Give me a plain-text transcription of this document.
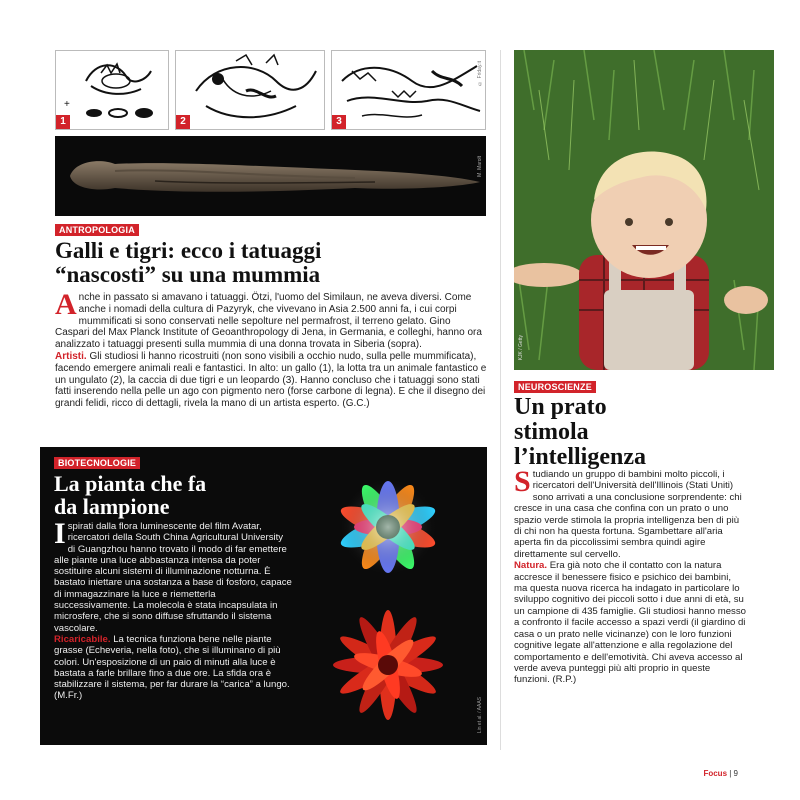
+
1	2	3
© Friday.it
M. Marolt
ANTROPOLOGIA
Galli e tigri: ecco i tatuaggi
“nascosti” su una mummia

Anche in passato si amavano i tatuaggi. Ötzi, l'uomo del Similaun, ne aveva diversi. Come anche i nomadi della cultura di Pazyryk, che vivevano in Asia 2.500 anni fa, i cui corpi mummificati si sono conservati nelle sepolture nel permafrost, il terreno gelato. Gino Caspari del Max Planck Institute of Geoanthropology di Jena, in Germania, e colleghi, hanno ora analizzato i tatuaggi presenti sulla mummia di una donna trovata in Siberia (sopra).

Artisti. Gli studiosi li hanno ricostruiti (non sono visibili a occhio nudo, sulla pelle mummificata), facendo emergere animali reali e fantastici. In alto: un gallo (1), la lotta tra un animale fantastico e un ungulato (2), la caccia di due tigri e un leopardo (3). Hanno concluso che i tatuaggi sono stati fatti inserendo nella pelle un ago con pigmento nero (forse carbone di legna). E che il disegno dei grandi felidi, ricco di dettagli, rivela la mano di un artista esperto. (G.C.)

BIOTECNOLOGIE
La pianta che fa
da lampione

Ispirati dalla flora luminescente del film Avatar, ricercatori della South China Agricultural University di Guangzhou hanno trovato il modo di far emettere alle piante una luce abbastanza intensa da poter sostituire alcuni sistemi di illuminazione notturna. È bastato iniettare una sostanza a base di fosforo, capace di immagazzinare la luce e riemetterla successivamente. La molecola è stata incapsulata in microsfere, che si sono diffuse sfruttando il sistema vascolare.

Ricaricabile. La tecnica funziona bene nelle piante grasse (Echeveria, nella foto), che si illuminano di più colori. Un'esposizione di un paio di minuti alla luce è bastata a farle brillare fino a due ore. La sfida ora è stabilizzare il sistema, per far durare la “carica” a lungo. (M.Fr.)

Lin et al. / AAAS
KJK / Getty
NEUROSCIENZE
Un prato
stimola
l’intelligenza

Studiando un gruppo di bambini molto piccoli, i ricercatori dell'Università dell'Illinois (Stati Uniti) sono arrivati a una conclusione sorprendente: chi cresce in una casa che confina con un prato o uno spazio verde stimola la propria intelligenza ben di più di chi non ha questa fortuna. Sgambettare all'aria aperta fin da piccolissimi sembra quindi agire direttamente sul cervello.

Natura. Era già noto che il contatto con la natura accresce il benessere fisico e psichico dei bambini, ma questa nuova ricerca ha indagato in particolare lo sviluppo cognitivo dei piccoli sotto i due anni di età, su un campione di 435 famiglie. Gli studiosi hanno messo a confronto il facile accesso a spazi verdi (il giardino di casa o un prato nelle vicinanze) con le loro funzioni cognitive legate all'attenzione e alla regolazione del comportamento e dell'emotività. Chi aveva accesso al verde aveva punteggi più alti proprio in queste funzioni. (R.P.)

Focus | 9
